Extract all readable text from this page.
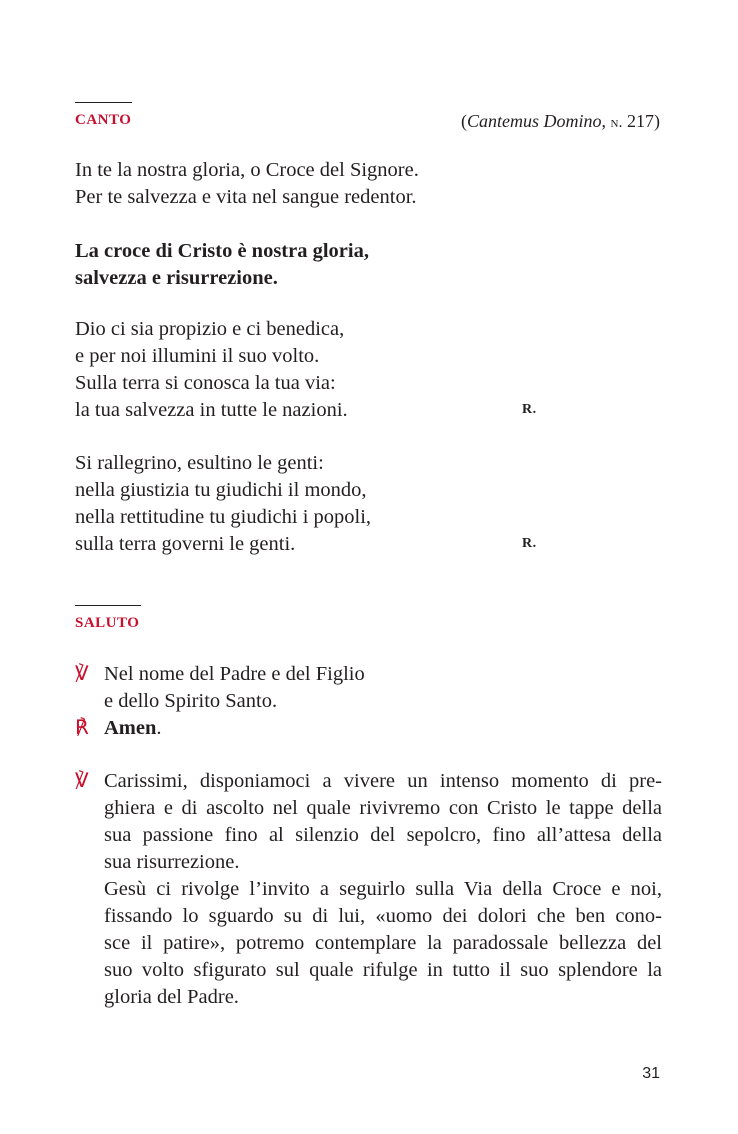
CANTO	(Cantemus Domino, n. 217)
In te la nostra gloria, o Croce del Signore.
Per te salvezza e vita nel sangue redentor.
La croce di Cristo è nostra gloria,
salvezza e risurrezione.
Dio ci sia propizio e ci benedica,
e per noi illumini il suo volto.
Sulla terra si conosca la tua via:
la tua salvezza in tutte le nazioni.	R.
Si rallegrino, esultino le genti:
nella giustizia tu giudichi il mondo,
nella rettitudine tu giudichi i popoli,
sulla terra governi le genti.	R.
SALUTO
℣ Nel nome del Padre e del Figlio
e dello Spirito Santo.
℟ Amen.
℣ Carissimi, disponiamoci a vivere un intenso momento di pre-
ghiera e di ascolto nel quale rivivremo con Cristo le tappe della
sua passione fino al silenzio del sepolcro, fino all’attesa della
sua risurrezione.
Gesù ci rivolge l’invito a seguirlo sulla Via della Croce e noi,
fissando lo sguardo su di lui, «uomo dei dolori che ben cono-
sce il patire», potremo contemplare la paradossale bellezza del
suo volto sfigurato sul quale rifulge in tutto il suo splendore la
gloria del Padre.
31
